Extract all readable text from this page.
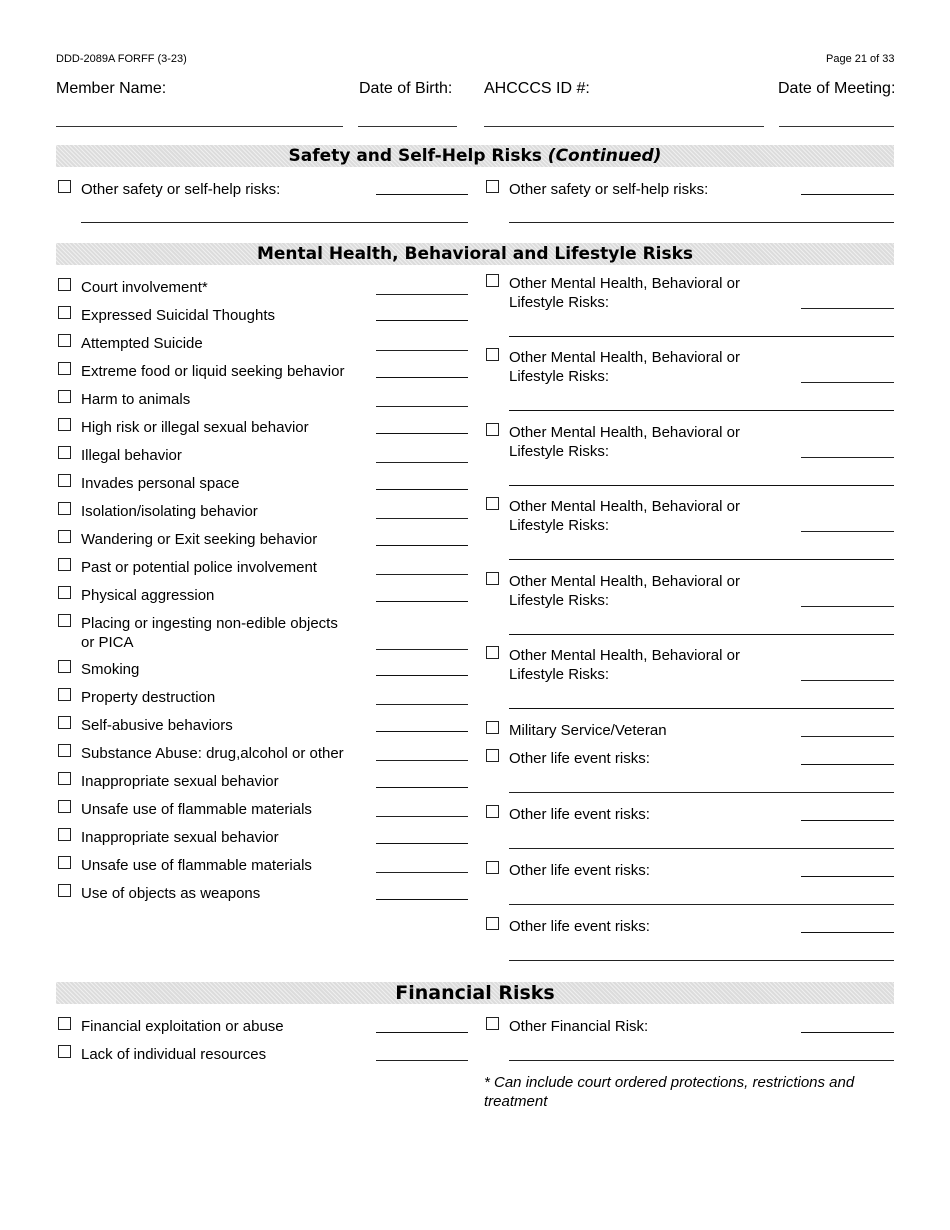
DDD-2089A FORFF (3-23)	Page 21 of 33
Member Name:	Date of Birth: AHCCCS ID #:	Date of Meeting:
Safety and Self-Help Risks (Continued)
Other safety or self-help risks:	Other safety or self-help risks:
Mental Health, Behavioral and Lifestyle Risks
Court involvement*
Expressed Suicidal Thoughts
Attempted Suicide
Extreme food or liquid seeking behavior
Harm to animals
High risk or illegal sexual behavior
Illegal behavior
Invades personal space
Isolation/isolating behavior
Wandering or Exit seeking behavior
Past or potential police involvement
Physical aggression
Placing or ingesting non-edible objects
or PICA
Smoking
Property destruction
Self-abusive behaviors
Substance Abuse: drug,alcohol or other
Inappropriate sexual behavior
Unsafe use of flammable materials
Inappropriate sexual behavior
Unsafe use of flammable materials
Use of objects as weapons
Other Mental Health, Behavioral or
Lifestyle Risks:
Other Mental Health, Behavioral or
Lifestyle Risks:
Other Mental Health, Behavioral or
Lifestyle Risks:
Other Mental Health, Behavioral or
Lifestyle Risks:
Other Mental Health, Behavioral or
Lifestyle Risks:
Other Mental Health, Behavioral or
Lifestyle Risks:
Military Service/Veteran
Other life event risks:
Other life event risks:
Other life event risks:
Other life event risks:
Financial Risks
Financial exploitation or abuse
Lack of individual resources
Other Financial Risk:
* Can include court ordered protections, restrictions and
treatment
